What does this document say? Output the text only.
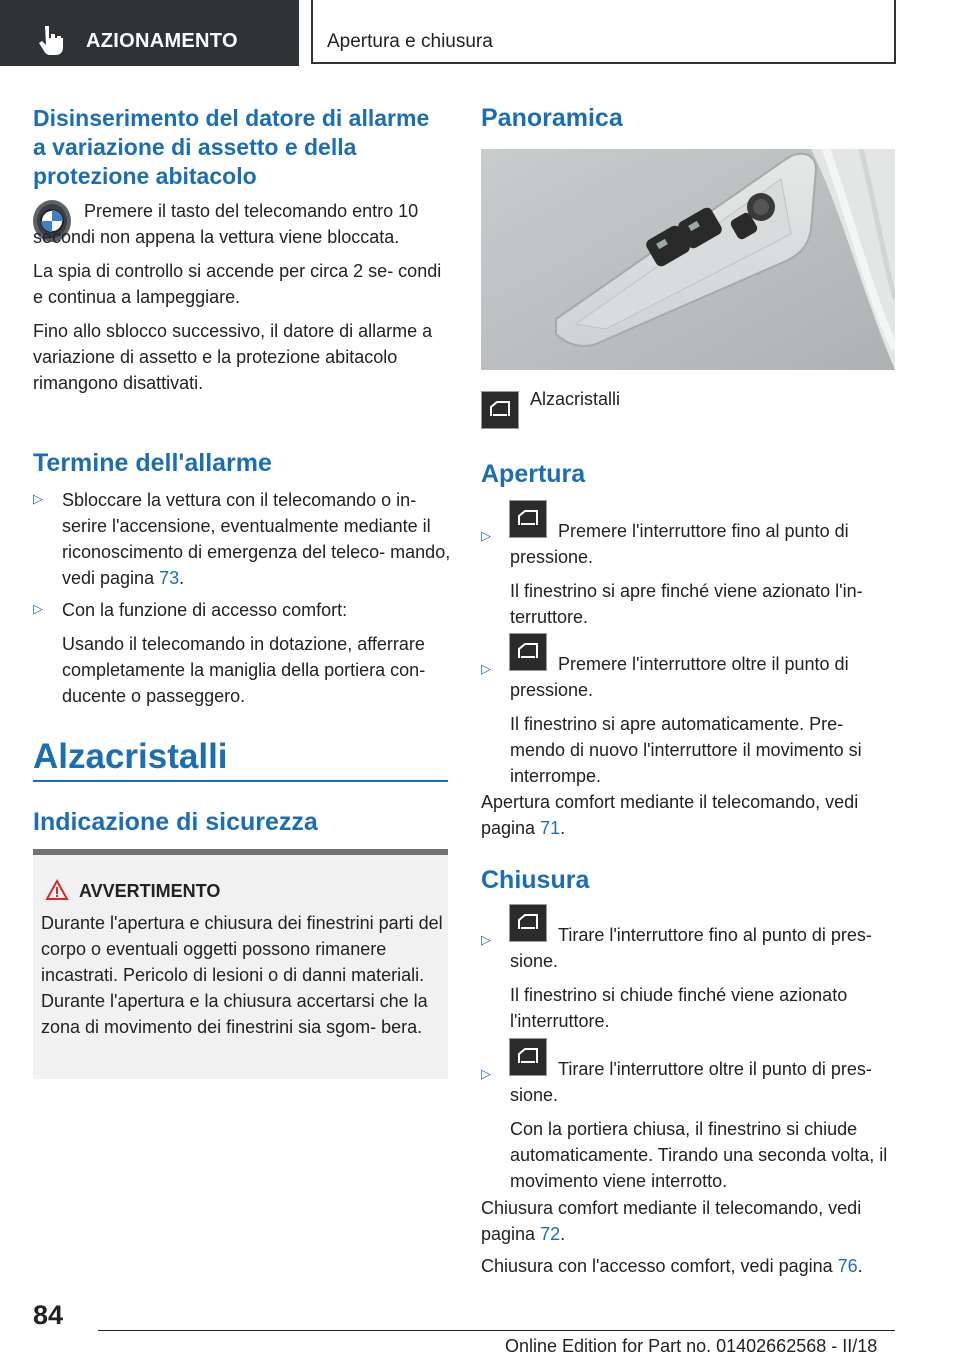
AZIONAMENTO	Apertura e chiusura
Disinserimento del datore di allarme a variazione di assetto e della protezione abitacolo

Premere il tasto del telecomando entro 10 secondi non appena la vettura viene bloccata.

La spia di controllo si accende per circa 2 se- condi e continua a lampeggiare.

Fino allo sblocco successivo, il datore di allarme a variazione di assetto e la protezione abitacolo rimangono disattivati.

Termine dell'allarme
▷ Sbloccare la vettura con il telecomando o in- serire l'accensione, eventualmente mediante il riconoscimento di emergenza del teleco- mando, vedi pagina 73.

▷ Con la funzione di accesso comfort:

Usando il telecomando in dotazione, afferrare completamente la maniglia della portiera con- ducente o passeggero.

Alzacristalli
Indicazione di sicurezza
AVVERTIMENTO

Durante l'apertura e chiusura dei finestrini parti del corpo o eventuali oggetti possono rimanere incastrati. Pericolo di lesioni o di danni materiali. Durante l'apertura e la chiusura accertarsi che la zona di movimento dei finestrini sia sgom- bera.

Panoramica
Alzacristalli
Apertura
▷	Premere l'interruttore fino al punto di pressione.

Il finestrino si apre finché viene azionato l'in- terruttore.

▷	Premere l'interruttore oltre il punto di pressione.

Il finestrino si apre automaticamente. Pre- mendo di nuovo l'interruttore il movimento si interrompe.

Apertura comfort mediante il telecomando, vedi pagina 71.

Chiusura
▷	Tirare l'interruttore fino al punto di pres- sione.

Il finestrino si chiude finché viene azionato l'interruttore.

▷	Tirare l'interruttore oltre il punto di pres- sione.

Con la portiera chiusa, il finestrino si chiude automaticamente. Tirando una seconda volta, il movimento viene interrotto.

Chiusura comfort mediante il telecomando, vedi pagina 72.

Chiusura con l'accesso comfort, vedi pagina 76.

84
Online Edition for Part no. 01402662568 - II/18
